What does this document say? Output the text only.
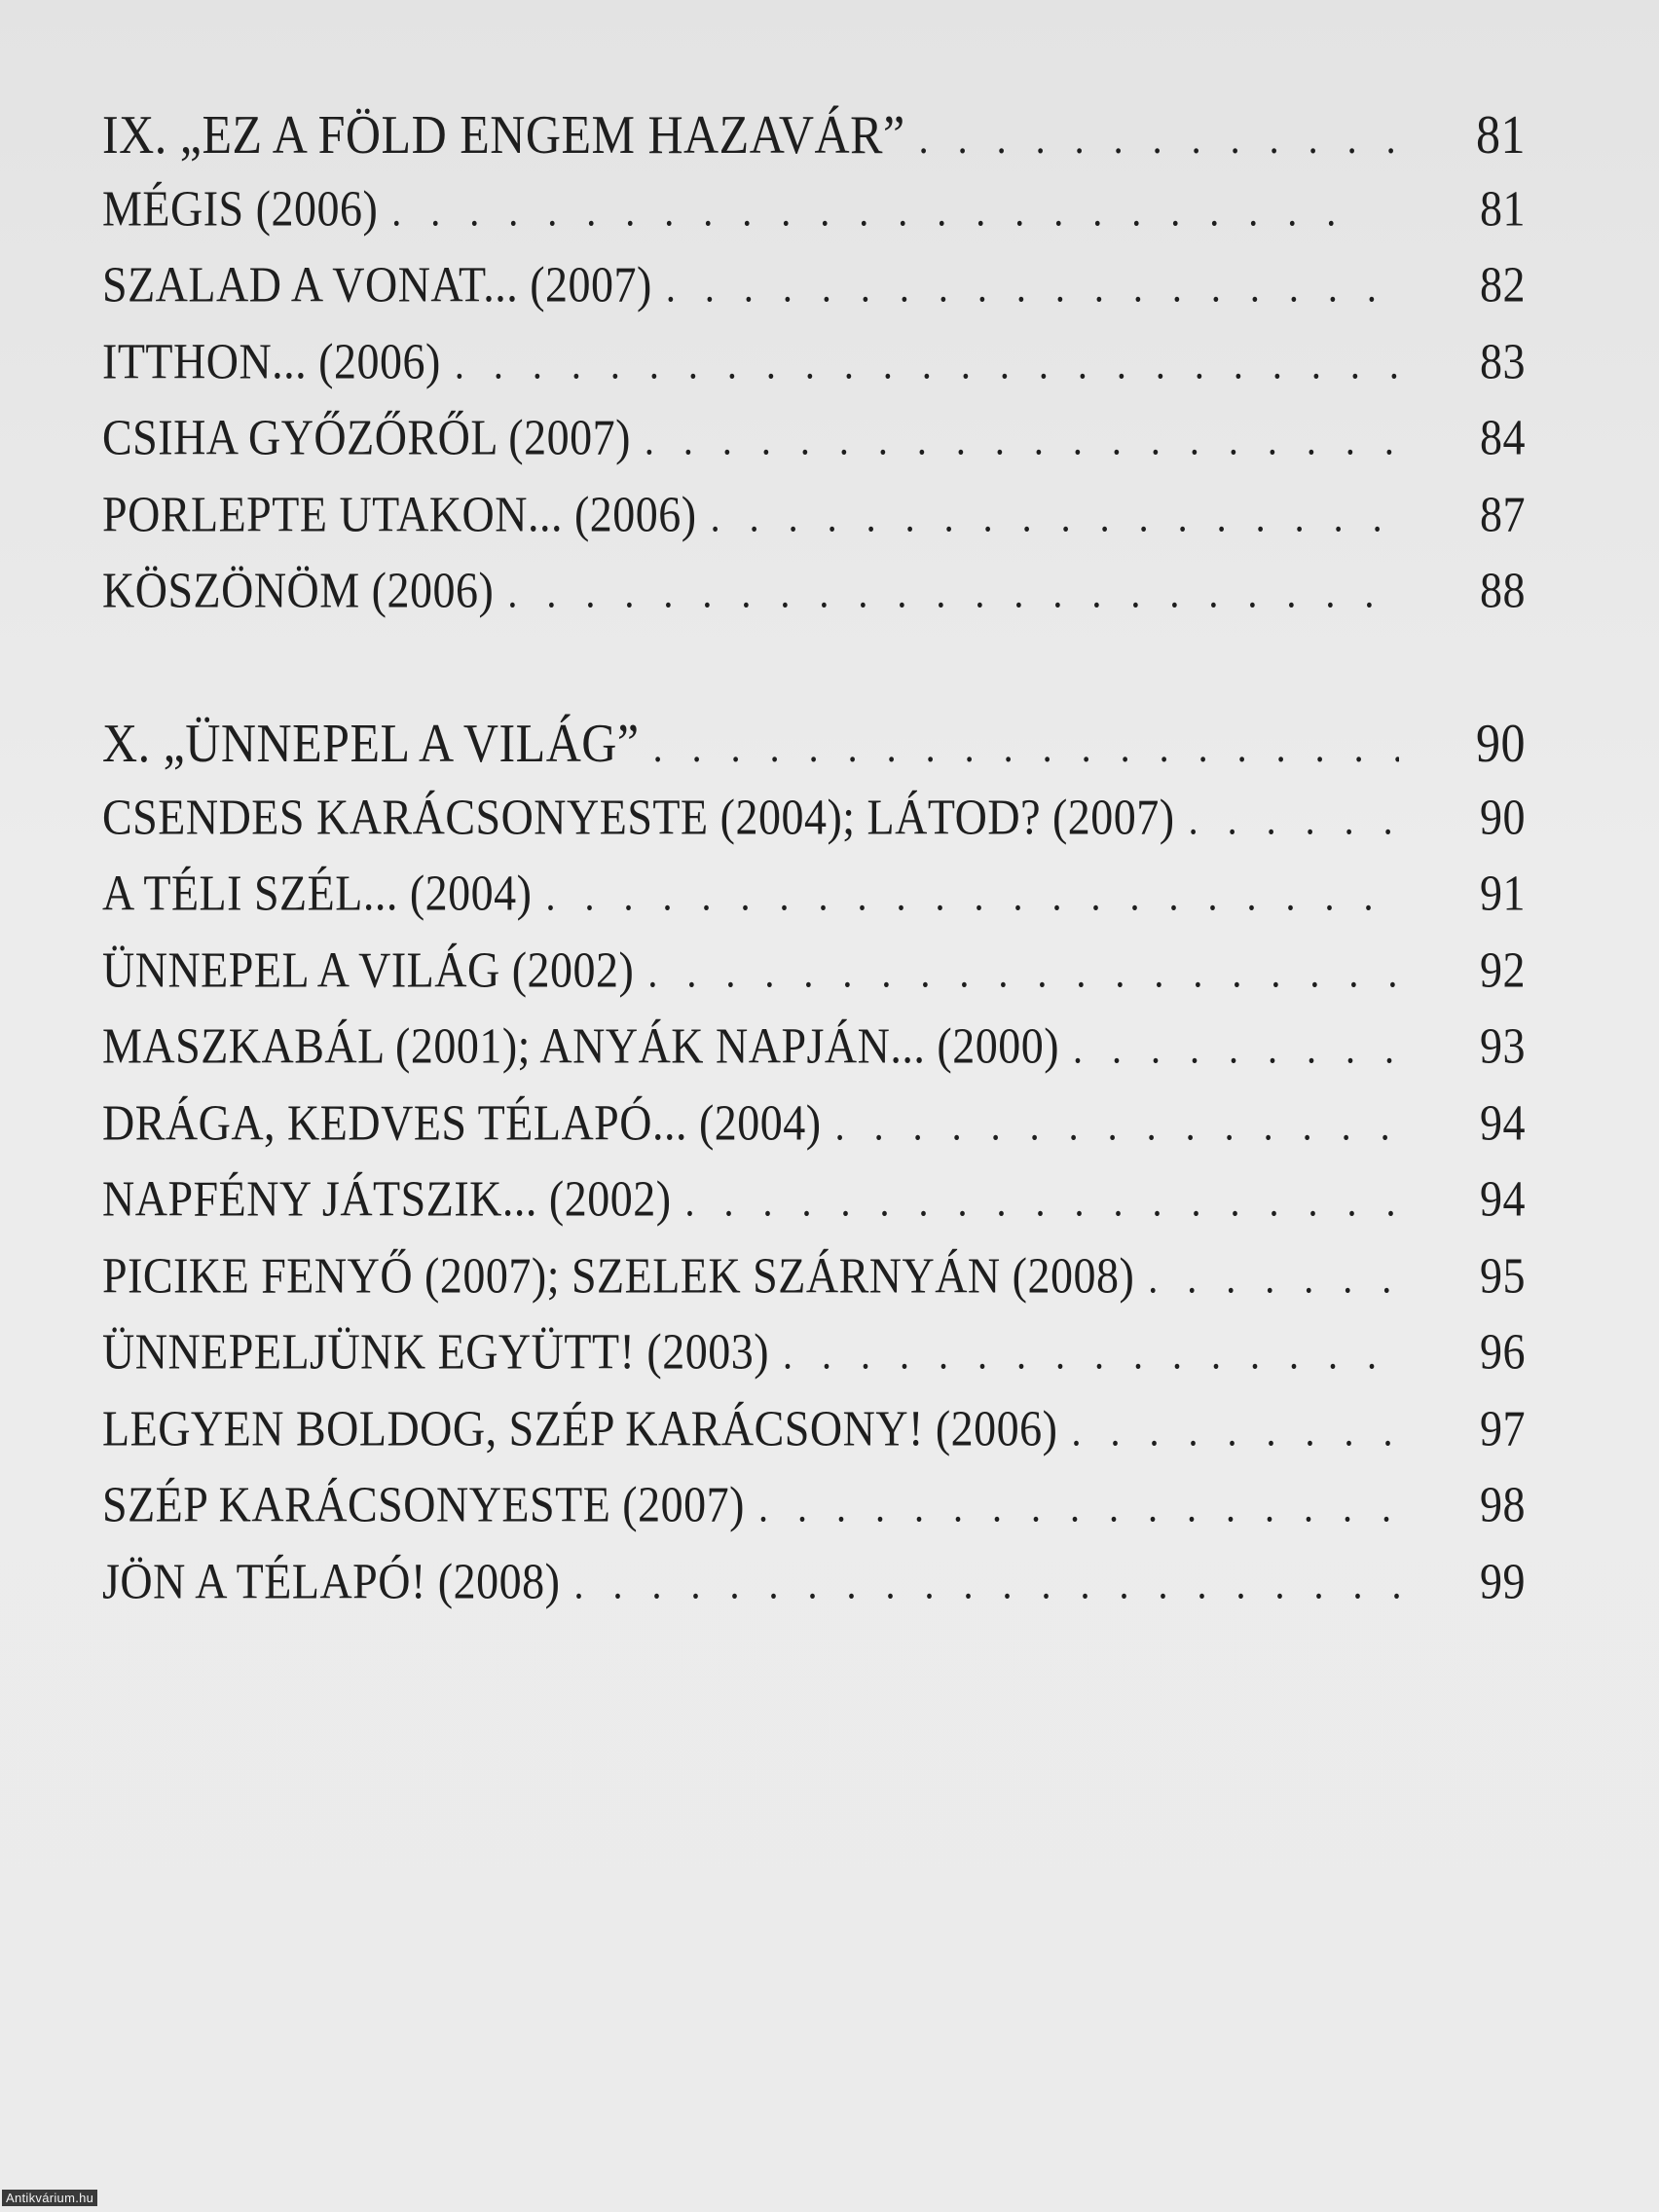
IX. „EZ A FÖLD ENGEM HAZAVÁR” . . .	81
MÉGIS (2006) . . .	81
SZALAD A VONAT... (2007) . . .	82
ITTHON... (2006) . . .	83
CSIHA GYŐZŐRŐL (2007) . . .	84
PORLEPTE UTAKON... (2006) . . .	87
KÖSZÖNÖM (2006) . . .	88
X. „ÜNNEPEL A VILÁG” . . .	90
CSENDES KARÁCSONYESTE (2004); LÁTOD? (2007) . . .	90
A TÉLI SZÉL... (2004) . . .	91
ÜNNEPEL A VILÁG (2002) . . .	92
MASZKABÁL (2001); ANYÁK NAPJÁN... (2000) . . .	93
DRÁGA, KEDVES TÉLAPÓ... (2004) . . .	94
NAPFÉNY JÁTSZIK... (2002) . . .	94
PICIKE FENYŐ (2007); SZELEK SZÁRNYÁN (2008) . . .	95
ÜNNEPELJÜNK EGYÜTT! (2003) . . .	96
LEGYEN BOLDOG, SZÉP KARÁCSONY! (2006) . . .	97
SZÉP KARÁCSONYESTE (2007) . . .	98
JÖN A TÉLAPÓ! (2008) . . .	99
Antikvárium.hu
